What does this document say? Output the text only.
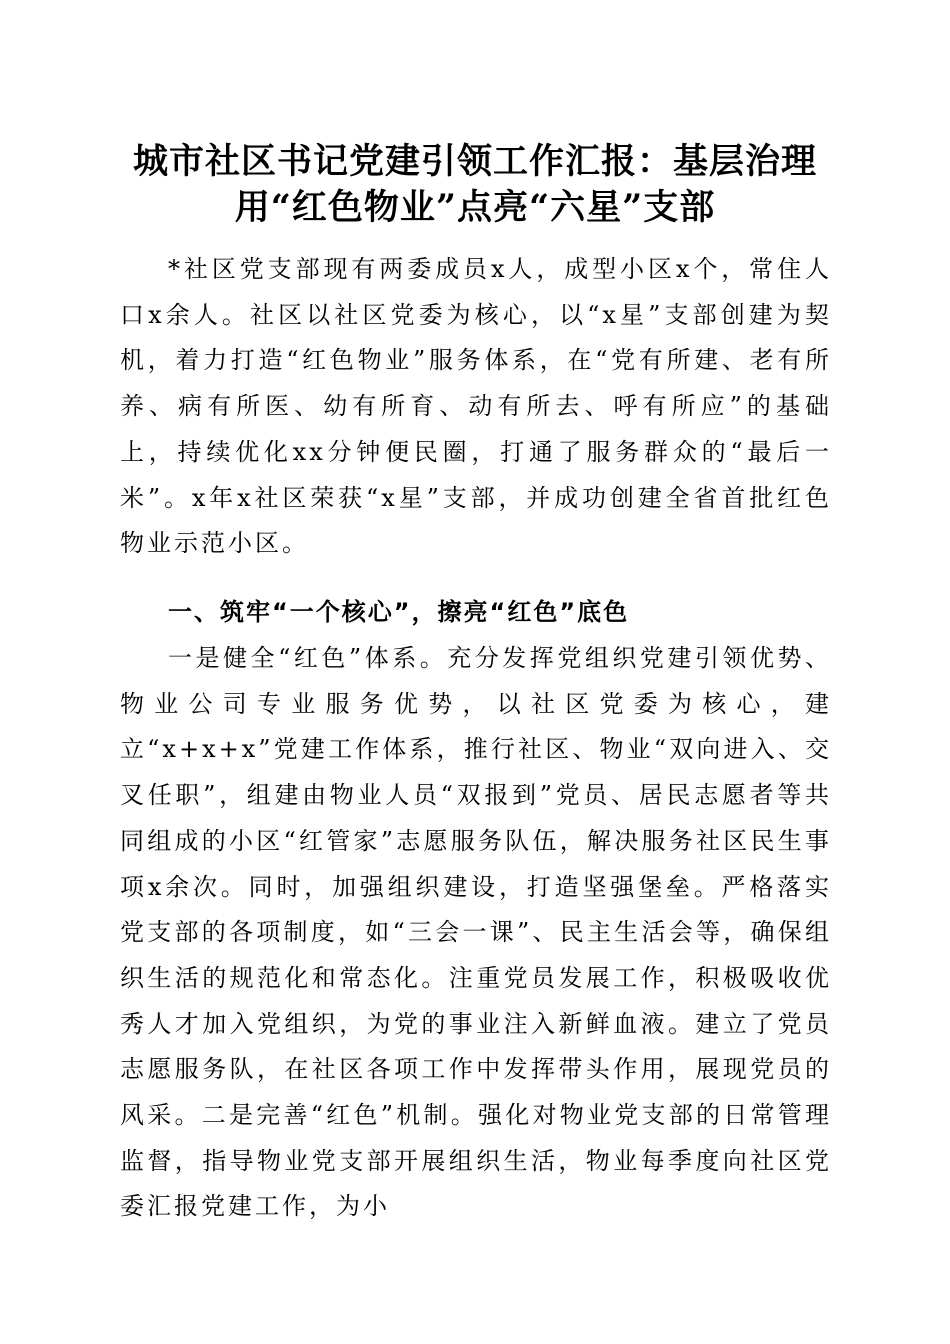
城市社区书记党建引领工作汇报：基层治理
用“红色物业”点亮“六星”支部

*社区党支部现有两委成员x人，成型小区x个，常住人口x余人。社区以社区党委为核心，以“x星”支部创建为契机，着力打造“红色物业”服务体系，在“党有所建、老有所养、病有所医、幼有所育、动有所去、呼有所应”的基础上，持续优化xx分钟便民圈，打通了服务群众的“最后一米”。x年x社区荣获“x星”支部，并成功创建全省首批红色物业示范小区。

一、筑牢“一个核心”，擦亮“红色”底色

一是健全“红色”体系。充分发挥党组织党建引领优势、物业公司专业服务优势，以社区党委为核心，建立“x+x+x”党建工作体系，推行社区、物业“双向进入、交叉任职”，组建由物业人员“双报到”党员、居民志愿者等共同组成的小区“红管家”志愿服务队伍，解决服务社区民生事项x余次。同时，加强组织建设，打造坚强堡垒。严格落实党支部的各项制度，如“三会一课”、民主生活会等，确保组织生活的规范化和常态化。注重党员发展工作，积极吸收优秀人才加入党组织，为党的事业注入新鲜血液。建立了党员志愿服务队，在社区各项工作中发挥带头作用，展现党员的风采。二是完善“红色”机制。强化对物业党支部的日常管理监督，指导物业党支部开展组织生活，物业每季度向社区党委汇报党建工作，为小
